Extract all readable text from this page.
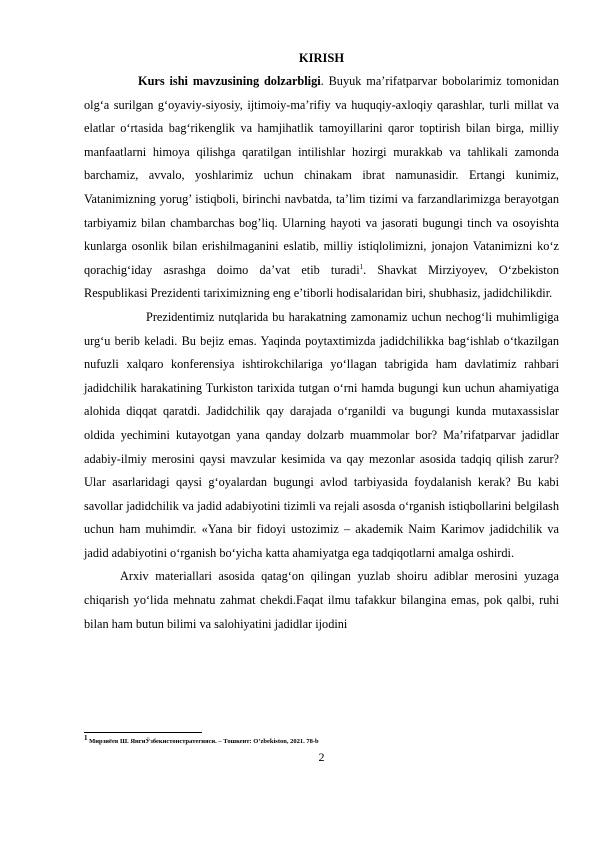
KIRISH

Kurs ishi mavzusining dolzarbligi. Buyuk maʼrifatparvar bobolarimiz tomonidan olgʻa surilgan gʻoyaviy-siyosiy, ijtimoiy-maʼrifiy va huquqiy-axloqiy qarashlar, turli millat va elatlar oʻrtasida bagʻrikenglik va hamjihatlik tamoyillarini qaror toptirish bilan birga, milliy manfaatlarni himoya qilishga qaratilgan intilishlar hozirgi murakkab va tahlikali zamonda barchamiz, avvalo, yoshlarimiz uchun chinakam ibrat namunasidir. Ertangi kunimiz, Vatanimizning yorug’ istiqboli, birinchi navbatda, ta’lim tizimi va farzandlarimizga berayotgan tarbiyamiz bilan chambarchas bog’liq. Ularning hayoti va jasorati bugungi tinch va osoyishta kunlarga osonlik bilan erishilmaganini eslatib, milliy istiqlolimizni, jonajon Vatanimizni koʻz qorachigʻiday asrashga doimo daʼvat etib turadi$^1$. Shavkat Mirziyoyev, Oʻzbekiston Respublikasi Prezidenti tariximizning eng eʼtiborli hodisalaridan biri, shubhasiz, jadidchilikdir.

Prezidentimiz nutqlarida bu harakatning zamonamiz uchun nechogʻli muhimligiga urgʻu berib keladi. Bu bejiz emas. Yaqinda poytaxtimizda jadidchilikka bagʻishlab oʻtkazilgan nufuzli xalqaro konferensiya ishtirokchilariga yoʻllagan tabrigida ham davlatimiz rahbari jadidchilik harakatining Turkiston tarixida tutgan oʻrni hamda bugungi kun uchun ahamiyatiga alohida diqqat qaratdi. Jadidchilik qay darajada oʻrganildi va bugungi kunda mutaxassislar oldida yechimini kutayotgan yana qanday dolzarb muammolar bor? Maʼrifatparvar jadidlar adabiy-ilmiy merosini qaysi mavzular kesimida va qay mezonlar asosida tadqiq qilish zarur? Ular asarlaridagi qaysi gʻoyalardan bugungi avlod tarbiyasida foydalanish kerak? Bu kabi savollar jadidchilik va jadid adabiyotini tizimli va rejali asosda o‘rganish istiqbollarini belgilash uchun ham muhimdir. «Yana bir fidoyi ustozimiz – akademik Naim Karimov jadidchilik va jadid adabiyotini oʻrganish bo‘yicha katta ahamiyatga ega tadqiqotlarni amalga oshirdi.

Arxiv materiallari asosida qatagʻon qilingan yuzlab shoiru adiblar merosini yuzaga chiqarish yoʻlida mehnatu zahmat chekdi.Faqat ilmu tafakkur bilangina emas, pok qalbi, ruhi bilan ham butun bilimi va salohiyatini jadidlar ijodini

$^1$ Мирзиёев Ш. ЯнгиЎзбекистонстратегияси. – Тошкент: O‘zbekiston, 2021. 78-b
2
